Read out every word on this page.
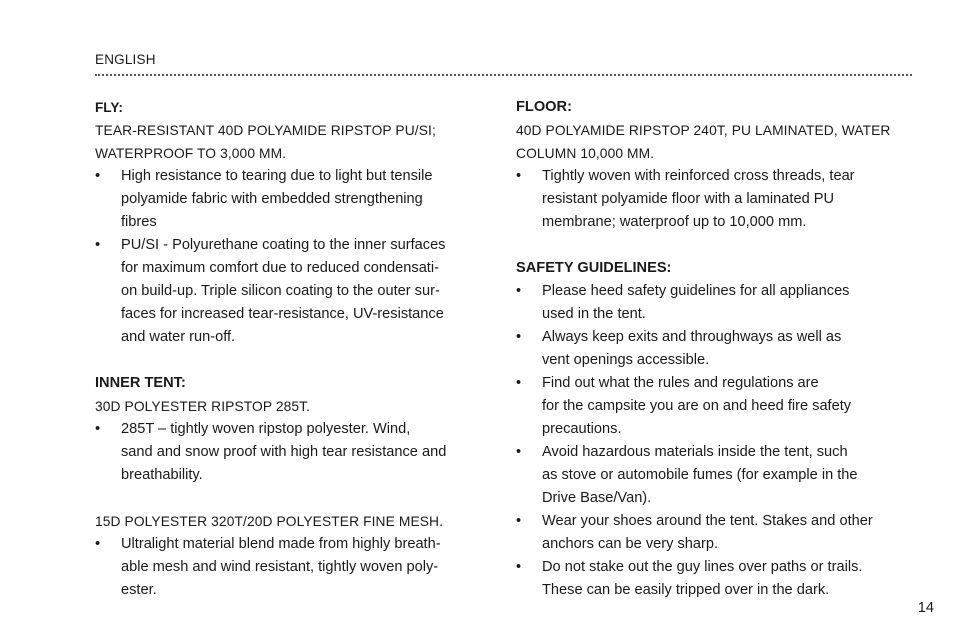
ENGLISH

FLY:

TEAR-RESISTANT 40D POLYAMIDE RIPSTOP PU/SI;

WATERPROOF TO 3,000 MM.

• High resistance to tearing due to light but tensile
polyamide fabric with embedded strengthening
fibres
• PU/SI - Polyurethane coating to the inner surfaces
for maximum comfort due to reduced condensati-
on build-up. Triple silicon coating to the outer sur-
faces for increased tear-resistance, UV-resistance
and water run-off.

INNER TENT:

30D POLYESTER RIPSTOP 285T.

• 285T – tightly woven ripstop polyester. Wind,
sand and snow proof with high tear resistance and
breathability.

15D POLYESTER 320T/20D POLYESTER FINE MESH.

• Ultralight material blend made from highly breath-
able mesh and wind resistant, tightly woven poly-
ester.

FLOOR:

40D POLYAMIDE RIPSTOP 240T, PU LAMINATED, WATER

COLUMN 10,000 MM.

• Tightly woven with reinforced cross threads, tear
resistant polyamide floor with a laminated PU
membrane; waterproof up to 10,000 mm.

SAFETY GUIDELINES:

• Please heed safety guidelines for all appliances
used in the tent.
• Always keep exits and throughways as well as
vent openings accessible.
• Find out what the rules and regulations are
for the campsite you are on and heed fire safety
precautions.
• Avoid hazardous materials inside the tent, such
as stove or automobile fumes (for example in the
Drive Base/Van).
• Wear your shoes around the tent. Stakes and other
anchors can be very sharp.
• Do not stake out the guy lines over paths or trails.
These can be easily tripped over in the dark.
14
